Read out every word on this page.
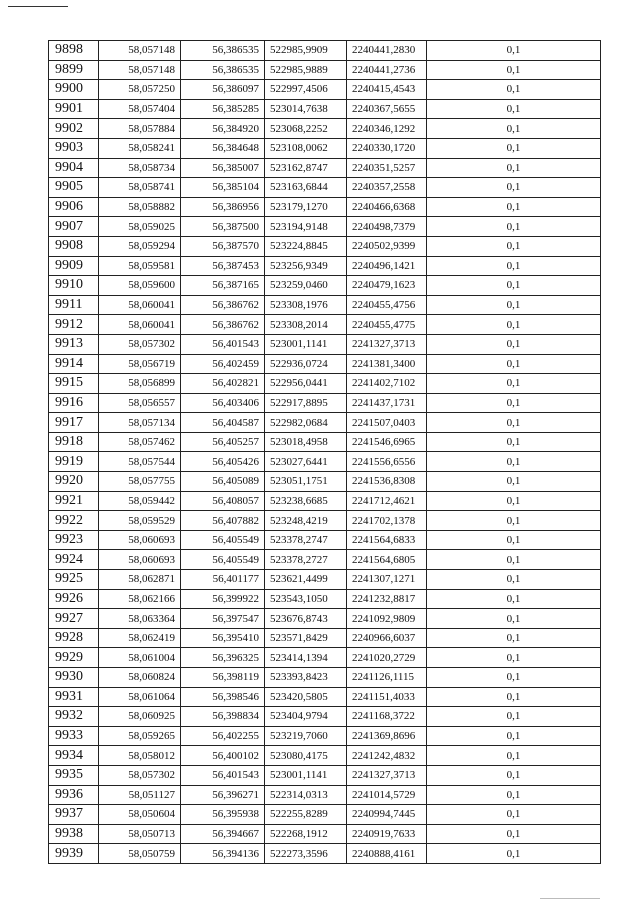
9898	58,057148	56,386535	522985,9909	2240441,2830	0,1
9899	58,057148	56,386535	522985,9889	2240441,2736	0,1
9900	58,057250	56,386097	522997,4506	2240415,4543	0,1
9901	58,057404	56,385285	523014,7638	2240367,5655	0,1
9902	58,057884	56,384920	523068,2252	2240346,1292	0,1
9903	58,058241	56,384648	523108,0062	2240330,1720	0,1
9904	58,058734	56,385007	523162,8747	2240351,5257	0,1
9905	58,058741	56,385104	523163,6844	2240357,2558	0,1
9906	58,058882	56,386956	523179,1270	2240466,6368	0,1
9907	58,059025	56,387500	523194,9148	2240498,7379	0,1
9908	58,059294	56,387570	523224,8845	2240502,9399	0,1
9909	58,059581	56,387453	523256,9349	2240496,1421	0,1
9910	58,059600	56,387165	523259,0460	2240479,1623	0,1
9911	58,060041	56,386762	523308,1976	2240455,4756	0,1
9912	58,060041	56,386762	523308,2014	2240455,4775	0,1
9913	58,057302	56,401543	523001,1141	2241327,3713	0,1
9914	58,056719	56,402459	522936,0724	2241381,3400	0,1
9915	58,056899	56,402821	522956,0441	2241402,7102	0,1
9916	58,056557	56,403406	522917,8895	2241437,1731	0,1
9917	58,057134	56,404587	522982,0684	2241507,0403	0,1
9918	58,057462	56,405257	523018,4958	2241546,6965	0,1
9919	58,057544	56,405426	523027,6441	2241556,6556	0,1
9920	58,057755	56,405089	523051,1751	2241536,8308	0,1
9921	58,059442	56,408057	523238,6685	2241712,4621	0,1
9922	58,059529	56,407882	523248,4219	2241702,1378	0,1
9923	58,060693	56,405549	523378,2747	2241564,6833	0,1
9924	58,060693	56,405549	523378,2727	2241564,6805	0,1
9925	58,062871	56,401177	523621,4499	2241307,1271	0,1
9926	58,062166	56,399922	523543,1050	2241232,8817	0,1
9927	58,063364	56,397547	523676,8743	2241092,9809	0,1
9928	58,062419	56,395410	523571,8429	2240966,6037	0,1
9929	58,061004	56,396325	523414,1394	2241020,2729	0,1
9930	58,060824	56,398119	523393,8423	2241126,1115	0,1
9931	58,061064	56,398546	523420,5805	2241151,4033	0,1
9932	58,060925	56,398834	523404,9794	2241168,3722	0,1
9933	58,059265	56,402255	523219,7060	2241369,8696	0,1
9934	58,058012	56,400102	523080,4175	2241242,4832	0,1
9935	58,057302	56,401543	523001,1141	2241327,3713	0,1
9936	58,051127	56,396271	522314,0313	2241014,5729	0,1
9937	58,050604	56,395938	522255,8289	2240994,7445	0,1
9938	58,050713	56,394667	522268,1912	2240919,7633	0,1
9939	58,050759	56,394136	522273,3596	2240888,4161	0,1
